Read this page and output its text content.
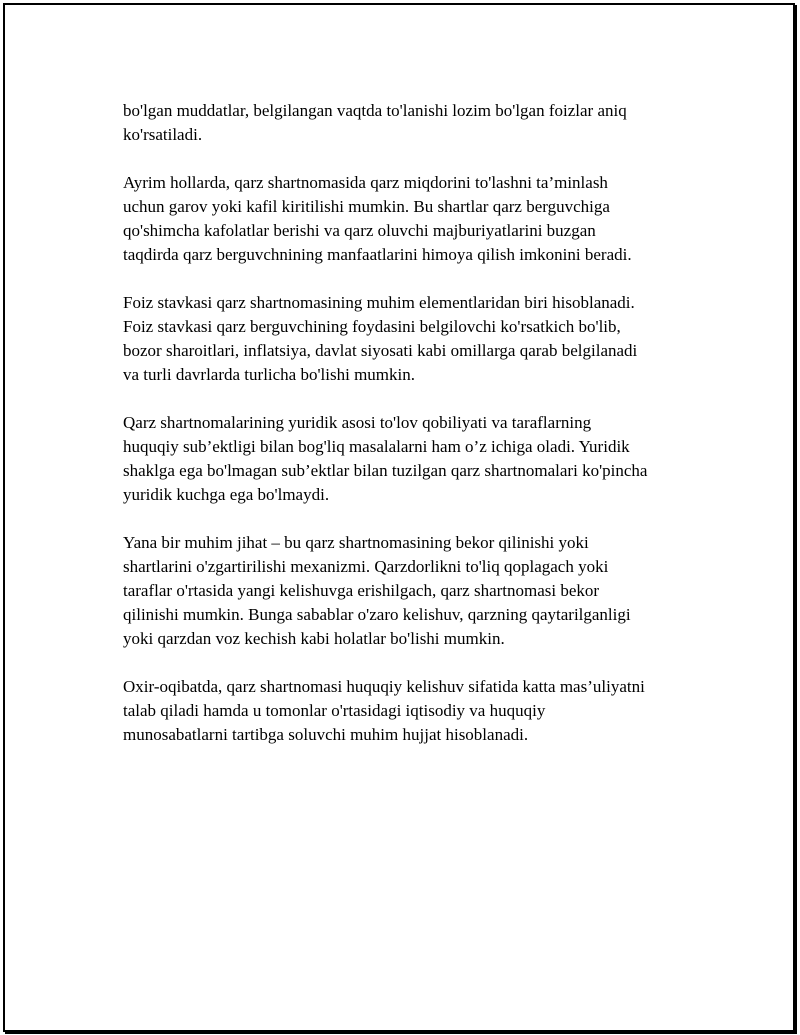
bo'lgan muddatlar, belgilangan vaqtda to'lanishi lozim bo'lgan foizlar aniq
ko'rsatiladi.

Ayrim hollarda, qarz shartnomasida qarz miqdorini to'lashni ta’minlash
uchun garov yoki kafil kiritilishi mumkin. Bu shartlar qarz berguvchiga
qo'shimcha kafolatlar berishi va qarz oluvchi majburiyatlarini buzgan
taqdirda qarz berguvchnining manfaatlarini himoya qilish imkonini beradi.

Foiz stavkasi qarz shartnomasining muhim elementlaridan biri hisoblanadi.
Foiz stavkasi qarz berguvchining foydasini belgilovchi ko'rsatkich bo'lib,
bozor sharoitlari, inflatsiya, davlat siyosati kabi omillarga qarab belgilanadi
va turli davrlarda turlicha bo'lishi mumkin.

Qarz shartnomalarining yuridik asosi to'lov qobiliyati va taraflarning
huquqiy sub’ektligi bilan bog'liq masalalarni ham o’z ichiga oladi. Yuridik
shaklga ega bo'lmagan sub’ektlar bilan tuzilgan qarz shartnomalari ko'pincha
yuridik kuchga ega bo'lmaydi.

Yana bir muhim jihat – bu qarz shartnomasining bekor qilinishi yoki
shartlarini o'zgartirilishi mexanizmi. Qarzdorlikni to'liq qoplagach yoki
taraflar o'rtasida yangi kelishuvga erishilgach, qarz shartnomasi bekor
qilinishi mumkin. Bunga sabablar o'zaro kelishuv, qarzning qaytarilganligi
yoki qarzdan voz kechish kabi holatlar bo'lishi mumkin.

Oxir-oqibatda, qarz shartnomasi huquqiy kelishuv sifatida katta mas’uliyatni
talab qiladi hamda u tomonlar o'rtasidagi iqtisodiy va huquqiy
munosabatlarni tartibga soluvchi muhim hujjat hisoblanadi.
